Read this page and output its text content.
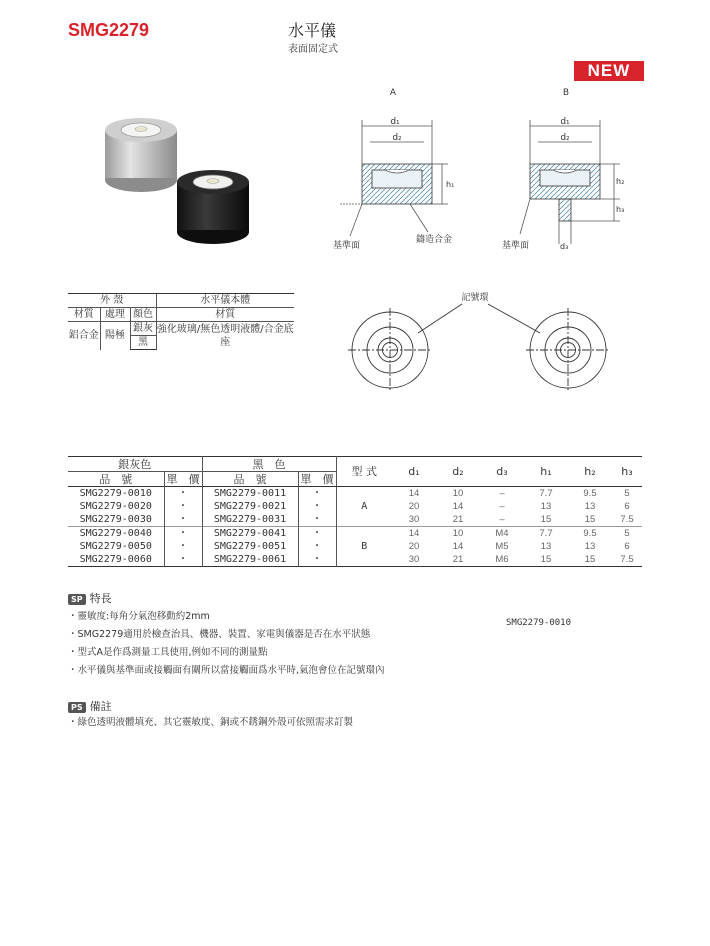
SMG2279	水平儀
表面固定式
NEW
A	B
d₁
d₂
h₁
基準面
鑄造合金
d₁
d₂
h₂
h₃
d₃
基準面
記號環
外 殼			水平儀本體
材質	處理	顏色	材質
鋁合金	陽極	銀灰	強化玻璃/無色透明液體/合金底座
		黑	
銀灰色		黑　色		型 式	d₁	d₂	d₃	h₁	h₂	h₃
品　號	單　價	品　號	單　價							
SMG2279-0010	・	SMG2279-0011	・	A	14	10	–	7.7	9.5	5
SMG2279-0020	・	SMG2279-0021	・		20	14	–	13	13	6
SMG2279-0030	・	SMG2279-0031	・		30	21	–	15	15	7.5
SMG2279-0040	・	SMG2279-0041	・	B	14	10	M4	7.7	9.5	5
SMG2279-0050	・	SMG2279-0051	・		20	14	M5	13	13	6
SMG2279-0060	・	SMG2279-0061	・		30	21	M6	15	15	7.5
SP 特長
・靈敏度:每角分氣泡移動約2mm
・SMG2279適用於檢查治具、機器、裝置、家電與儀器是否在水平狀態
・型式A是作爲測量工具使用,例如不同的測量點
・水平儀與基準面或接觸面有關所以當接觸面爲水平時,氣泡會位在記號環內
SMG2279-0010
PS 備註
・綠色透明液體填充、其它靈敏度、銅或不銹鋼外殼可依照需求訂製
